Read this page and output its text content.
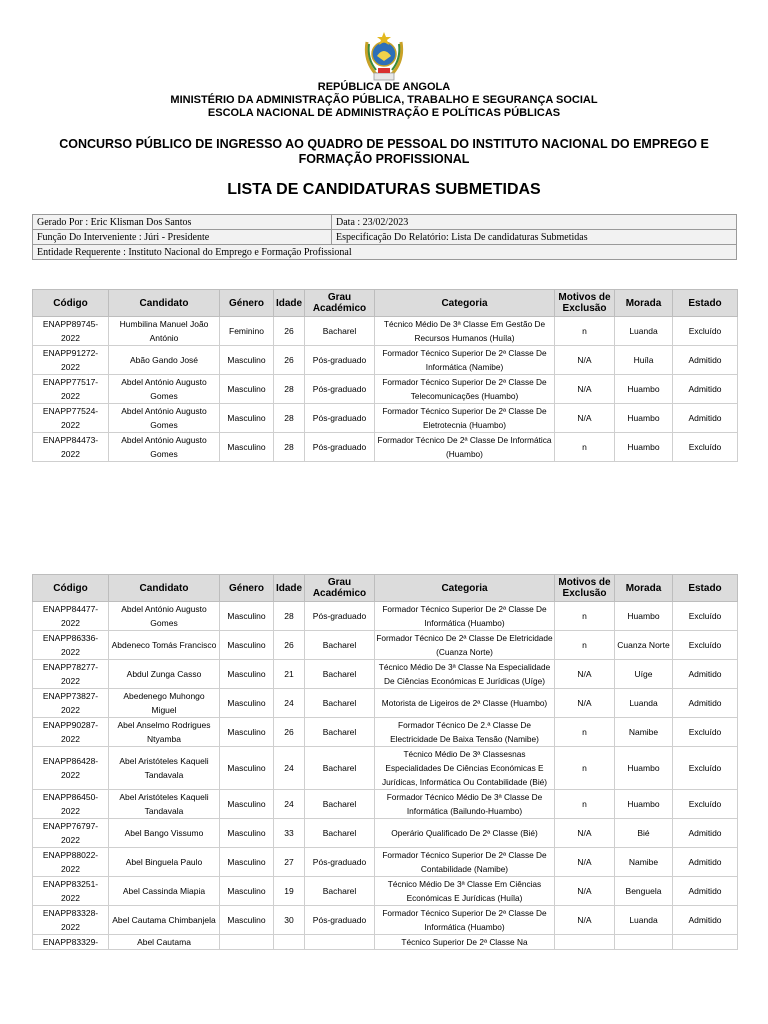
REPÚBLICA DE ANGOLA
MINISTÉRIO DA ADMINISTRAÇÃO PÚBLICA, TRABALHO E SEGURANÇA SOCIAL
ESCOLA NACIONAL DE ADMINISTRAÇÃO E POLÍTICAS PÚBLICAS
CONCURSO PÚBLICO DE INGRESSO AO QUADRO DE PESSOAL DO INSTITUTO NACIONAL DO EMPREGO E FORMAÇÃO PROFISSIONAL
LISTA DE CANDIDATURAS SUBMETIDAS
Gerado Por : Eric Klisman Dos Santos	Data : 23/02/2023
Função Do Interveniente : Júri - Presidente	Especificação Do Relatório: Lista De candidaturas Submetidas
Entidade Requerente : Instituto Nacional do Emprego e Formação Profissional	
Código	Candidato	Género	Idade	Grau Académico	Categoria	Motivos de Exclusão	Morada	Estado
ENAPP89745-2022	Humbilina Manuel João António	Feminino	26	Bacharel	Técnico Médio De 3ª Classe Em Gestão De Recursos Humanos (Huíla)	n	Luanda	Excluído
ENAPP91272-2022	Abão Gando José	Masculino	26	Pós-graduado	Formador Técnico Superior De 2ª Classe De Informática (Namibe)	N/A	Huíla	Admitido
ENAPP77517-2022	Abdel António Augusto Gomes	Masculino	28	Pós-graduado	Formador Técnico Superior De 2ª Classe De Telecomunicações (Huambo)	N/A	Huambo	Admitido
ENAPP77524-2022	Abdel António Augusto Gomes	Masculino	28	Pós-graduado	Formador Técnico Superior De 2ª Classe De Eletrotecnia (Huambo)	N/A	Huambo	Admitido
ENAPP84473-2022	Abdel António Augusto Gomes	Masculino	28	Pós-graduado	Formador Técnico De 2ª Classe De Informática (Huambo)	n	Huambo	Excluído
Código	Candidato	Género	Idade	Grau Académico	Categoria	Motivos de Exclusão	Morada	Estado
ENAPP84477-2022	Abdel António Augusto Gomes	Masculino	28	Pós-graduado	Formador Técnico Superior De 2ª Classe De Informática (Huambo)	n	Huambo	Excluído
ENAPP86336-2022	Abdeneco Tomás Francisco	Masculino	26	Bacharel	Formador Técnico De 2ª Classe De Eletricidade (Cuanza Norte)	n	Cuanza Norte	Excluído
ENAPP78277-2022	Abdul Zunga Casso	Masculino	21	Bacharel	Técnico Médio De 3ª Classe Na Especialidade De Ciências Económicas E Jurídicas (Uíge)	N/A	Uíge	Admitido
ENAPP73827-2022	Abedenego Muhongo Miguel	Masculino	24	Bacharel	Motorista de Ligeiros de 2ª Classe (Huambo)	N/A	Luanda	Admitido
ENAPP90287-2022	Abel Anselmo Rodrigues Ntyamba	Masculino	26	Bacharel	Formador Técnico De 2.ª Classe De Electricidade De Baixa Tensão (Namibe)	n	Namibe	Excluído
ENAPP86428-2022	Abel Aristóteles Kaqueli Tandavala	Masculino	24	Bacharel	Técnico Médio De 3ª Classesnas Especialidades De Ciências Económicas E Jurídicas, Informática Ou Contabilidade (Bié)	n	Huambo	Excluído
ENAPP86450-2022	Abel Aristóteles Kaqueli Tandavala	Masculino	24	Bacharel	Formador Técnico Médio De 3ª Classe De Informática (Bailundo-Huambo)	n	Huambo	Excluído
ENAPP76797-2022	Abel Bango Vissumo	Masculino	33	Bacharel	Operário Qualificado De 2ª Classe (Bié)	N/A	Bié	Admitido
ENAPP88022-2022	Abel Binguela Paulo	Masculino	27	Pós-graduado	Formador Técnico Superior De 2ª Classe De Contabilidade (Namibe)	N/A	Namibe	Admitido
ENAPP83251-2022	Abel Cassinda Miapia	Masculino	19	Bacharel	Técnico Médio De 3ª Classe Em Ciências Económicas E Jurídicas (Huíla)	N/A	Benguela	Admitido
ENAPP83328-2022	Abel Cautama Chimbanjela	Masculino	30	Pós-graduado	Formador Técnico Superior De 2ª Classe De Informática (Huambo)	N/A	Luanda	Admitido
ENAPP83329-	Abel Cautama				Técnico Superior De 2ª Classe Na			
